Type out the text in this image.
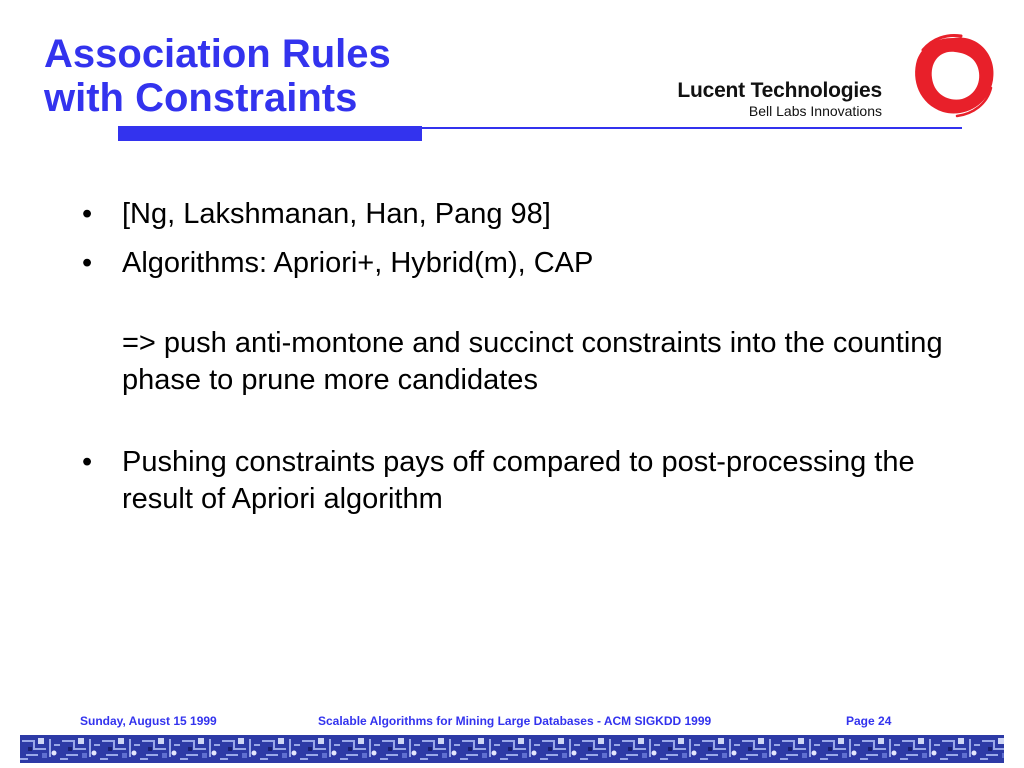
Association Rules
with Constraints	Lucent Technologies
Bell Labs Innovations
• [Ng, Lakshmanan, Han, Pang 98]
• Algorithms: Apriori+, Hybrid(m), CAP
=> push anti-montone and succinct constraints into the counting phase to prune more candidates
• Pushing constraints pays off compared to post-processing the result of Apriori algorithm
Sunday, August 15 1999	Scalable Algorithms for Mining Large Databases - ACM SIGKDD 1999	Page 24
